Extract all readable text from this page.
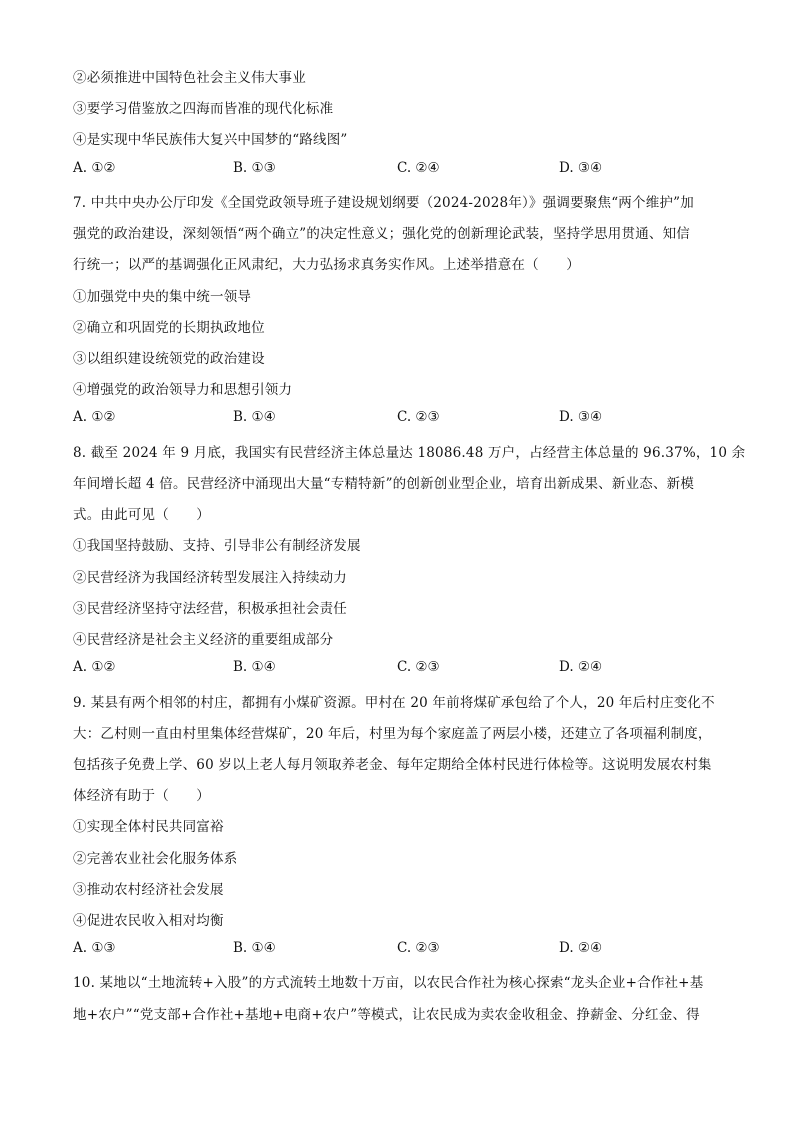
②必须推进中国特色社会主义伟大事业
③要学习借鉴放之四海而皆准的现代化标准
④是实现中华民族伟大复兴中国梦的“路线图”
A. ①②	B. ①③	C. ②④	D. ③④
7. 中共中央办公厅印发《全国党政领导班子建设规划纲要（2024-2028年）》强调要聚焦“两个维护”加
强党的政治建设，深刻领悟“两个确立”的决定性意义；强化党的创新理论武装，坚持学思用贯通、知信
行统一；以严的基调强化正风肃纪，大力弘扬求真务实作风。上述举措意在（　　）
①加强党中央的集中统一领导
②确立和巩固党的长期执政地位
③以组织建设统领党的政治建设
④增强党的政治领导力和思想引领力
A. ①②	B. ①④	C. ②③	D. ③④
8. 截至 2024 年 9 月底，我国实有民营经济主体总量达 18086.48 万户，占经营主体总量的 96.37%，10 余
年间增长超 4 倍。民营经济中涌现出大量“专精特新”的创新创业型企业，培育出新成果、新业态、新模
式。由此可见（　　）
①我国坚持鼓励、支持、引导非公有制经济发展
②民营经济为我国经济转型发展注入持续动力
③民营经济坚持守法经营，积极承担社会责任
④民营经济是社会主义经济的重要组成部分
A. ①②	B. ①④	C. ②③	D. ②④
9. 某县有两个相邻的村庄，都拥有小煤矿资源。甲村在 20 年前将煤矿承包给了个人，20 年后村庄变化不
大：乙村则一直由村里集体经营煤矿，20 年后，村里为每个家庭盖了两层小楼，还建立了各项福利制度，
包括孩子免费上学、60 岁以上老人每月领取养老金、每年定期给全体村民进行体检等。这说明发展农村集
体经济有助于（　　）
①实现全体村民共同富裕
②完善农业社会化服务体系
③推动农村经济社会发展
④促进农民收入相对均衡
A. ①③	B. ①④	C. ②③	D. ②④
10. 某地以“土地流转+入股”的方式流转土地数十万亩，以农民合作社为核心探索“龙头企业+合作社+基
地+农户”“党支部+合作社+基地+电商+农户”等模式，让农民成为卖农金收租金、挣薪金、分红金、得
